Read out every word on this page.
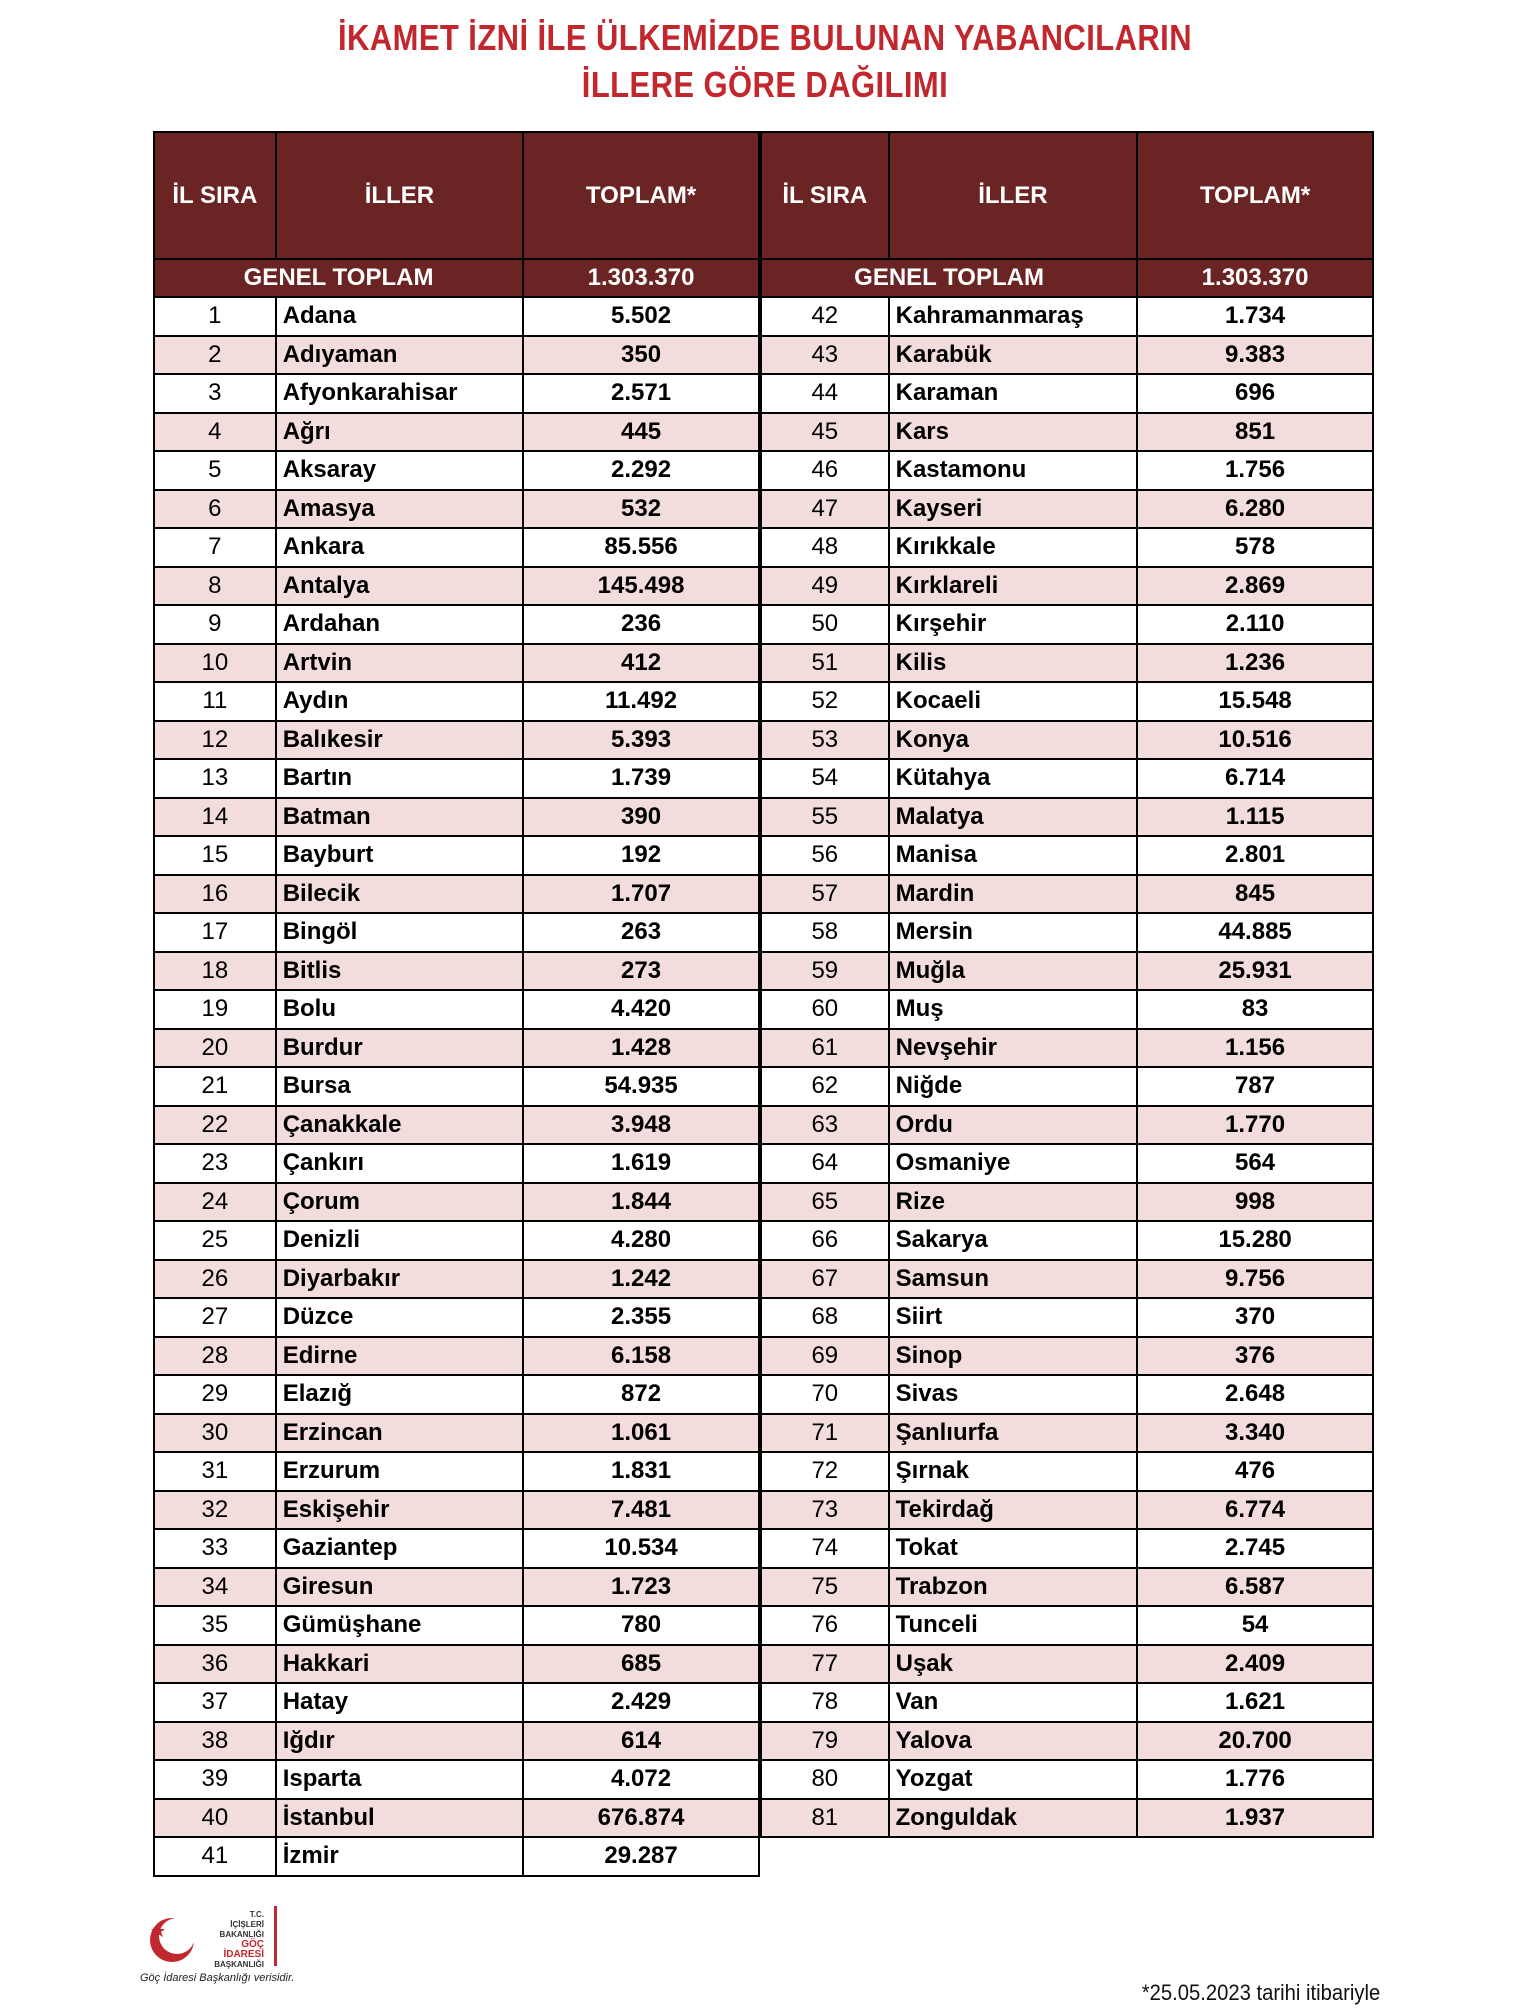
İKAMET İZNİ İLE ÜLKEMİZDE BULUNAN YABANCILARIN
İLLERE GÖRE DAĞILIMI
İL SIRA	İLLER	TOPLAM*
GENEL TOPLAM		1.303.370
1	Adana	5.502
2	Adıyaman	350
3	Afyonkarahisar	2.571
4	Ağrı	445
5	Aksaray	2.292
6	Amasya	532
7	Ankara	85.556
8	Antalya	145.498
9	Ardahan	236
10	Artvin	412
11	Aydın	11.492
12	Balıkesir	5.393
13	Bartın	1.739
14	Batman	390
15	Bayburt	192
16	Bilecik	1.707
17	Bingöl	263
18	Bitlis	273
19	Bolu	4.420
20	Burdur	1.428
21	Bursa	54.935
22	Çanakkale	3.948
23	Çankırı	1.619
24	Çorum	1.844
25	Denizli	4.280
26	Diyarbakır	1.242
27	Düzce	2.355
28	Edirne	6.158
29	Elazığ	872
30	Erzincan	1.061
31	Erzurum	1.831
32	Eskişehir	7.481
33	Gaziantep	10.534
34	Giresun	1.723
35	Gümüşhane	780
36	Hakkari	685
37	Hatay	2.429
38	Iğdır	614
39	Isparta	4.072
40	İstanbul	676.874
41	İzmir	29.287
İL SIRA	İLLER	TOPLAM*
GENEL TOPLAM		1.303.370
42	Kahramanmaraş	1.734
43	Karabük	9.383
44	Karaman	696
45	Kars	851
46	Kastamonu	1.756
47	Kayseri	6.280
48	Kırıkkale	578
49	Kırklareli	2.869
50	Kırşehir	2.110
51	Kilis	1.236
52	Kocaeli	15.548
53	Konya	10.516
54	Kütahya	6.714
55	Malatya	1.115
56	Manisa	2.801
57	Mardin	845
58	Mersin	44.885
59	Muğla	25.931
60	Muş	83
61	Nevşehir	1.156
62	Niğde	787
63	Ordu	1.770
64	Osmaniye	564
65	Rize	998
66	Sakarya	15.280
67	Samsun	9.756
68	Siirt	370
69	Sinop	376
70	Sivas	2.648
71	Şanlıurfa	3.340
72	Şırnak	476
73	Tekirdağ	6.774
74	Tokat	2.745
75	Trabzon	6.587
76	Tunceli	54
77	Uşak	2.409
78	Van	1.621
79	Yalova	20.700
80	Yozgat	1.776
81	Zonguldak	1.937
T.C.
İÇİŞLERİ BAKANLIĞI
GÖÇ İDARESİ
BAŞKANLIĞI
Göç İdaresi Başkanlığı verisidir.
*25.05.2023 tarihi itibariyle
